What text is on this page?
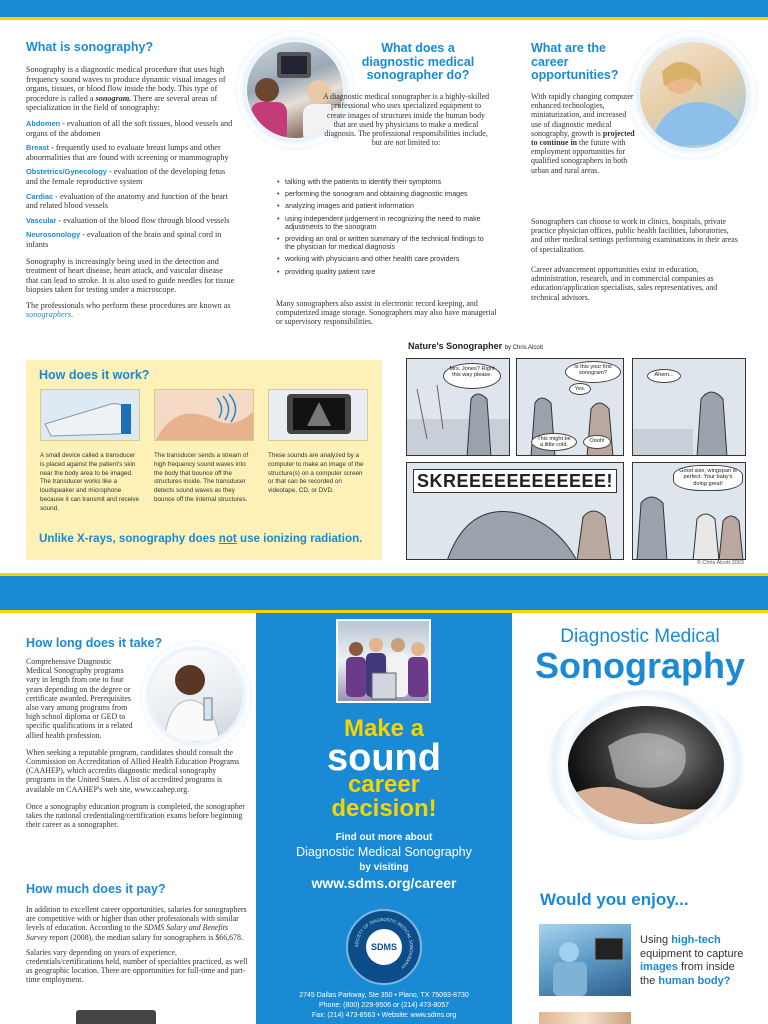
What is sonography?

Sonography is a diagnostic medical procedure that uses high frequency sound waves to produce dynamic visual images of organs, tissues, or blood flow inside the body. This type of procedure is called a sonogram. There are several areas of specialization in the field of sonography:

Abdomen - evaluation of all the soft tissues, blood vessels and organs of the abdomen

Breast - frequently used to evaluate breast lumps and other abnormalities that are found with screening or mammography

Obstetrics/Gynecology - evaluation of the developing fetus and the female reproductive system

Cardiac - evaluation of the anatomy and function of the heart and related blood vessels

Vascular - evaluation of the blood flow through blood vessels

Neurosonology - evaluation of the brain and spinal cord in infants

Sonography is increasingly being used in the detection and treatment of heart disease, heart attack, and vascular disease that can lead to stroke. It is also used to guide needles for tissue biopsies taken for testing under a microscope.

The professionals who perform these procedures are known as sonographers.

What does a diagnostic medical sonographer do?
A diagnostic medical sonographer is a highly-skilled professional who uses specialized equipment to create images of structures inside the human body that are used by physicians to make a medical diagnosis. The professional responsibilities include, but are not limited to:
• talking with the patients to identify their symptoms
• performing the sonogram and obtaining diagnostic images
• analyzing images and patient information
• using independent judgement in recognizing the need to make adjustments to the sonogram
• providing an oral or written summary of the technical findings to the physician for medical diagnosis
• working with physicians and other health care providers
• providing quality patient care
Many sonographers also assist in electronic record keeping, and computerized image storage. Sonographers may also have managerial or supervisory responsibilities.
What are the career opportunities?
With rapidly changing computer enhanced technologies, miniaturization, and increased use of diagnostic medical sonography, growth is projected to continue in the future with employment opportunities for qualified sonographers in both urban and rural areas.
Sonographers can choose to work in clinics, hospitals, private practice physician offices, public health facilities, laboratories, and other medical settings performing examinations in their areas of specialization.
Career advancement opportunities exist in education, administration, research, and in commercial companies as education/application specialists, sales representatives, and technical advisors.
How does it work?
A small device called a transducer is placed against the patient's skin near the body area to be imaged. The transducer works like a loudspeaker and microphone because it can transmit and receive sound.
The transducer sends a stream of high frequency sound waves into the body that bounce off the structures inside. The transducer detects sound waves as they bounce off the internal structures.
These sounds are analyzed by a computer to make an image of the structure(s) on a computer screen or that can be recorded on videotape, CD, or DVD.
Unlike X-rays, sonography does not use ionizing radiation.
Nature's Sonographer by Chris Alcott
Mrs. Jones? Right this way please.
Is this your first sonogram?
Yes.
This might be a little cold.
Oooh!
Ahem...
SKREEEEEEEEEEEE!	Good size, wingspan is perfect. Your baby's doing great!
© Chris Alcott 2003
How long does it take?
Comprehensive Diagnostic Medical Sonography programs vary in length from one to four years depending on the degree or certificate awarded. Prerequisites also vary among programs from high school diploma or GED to specific qualifications in a related allied health profession.
When seeking a reputable program, candidates should consult the Commission on Accreditation of Allied Health Education Programs (CAAHEP), which accredits diagnostic medical sonography programs in the United States. A list of accredited programs is available on CAAHEP's web site, www.caahep.org.
Once a sonography education program is completed, the sonographer takes the national credentialing/certification exams before beginning their career as a sonographer.
How much does it pay?
In addition to excellent career opportunities, salaries for sonographers are competitive with or higher than other professionals with similar levels of education. According to the SDMS Salary and Benefits Survey report (2008), the median salary for sonographers is $66,678.
Salaries vary depending on years of experience, credentials/certifications held, number of specialties practiced, as well as geographic location. There are opportunities for full-time and part-time employment.
Make a
sound
career
decision!
Find out more about
Diagnostic Medical Sonography
by visiting
www.sdms.org/career
SOCIETY OF DIAGNOSTIC MEDICAL SONOGRAPHY
SDMS
2745 Dallas Parkway, Ste 350 • Plano, TX 75093-8730
Phone: (800) 229-9506 or (214) 473-8057
Fax: (214) 473-8563 • Website: www.sdms.org
Diagnostic Medical
Sonography
Would you enjoy...
Using high-tech equipment to capture images from inside the human body?
